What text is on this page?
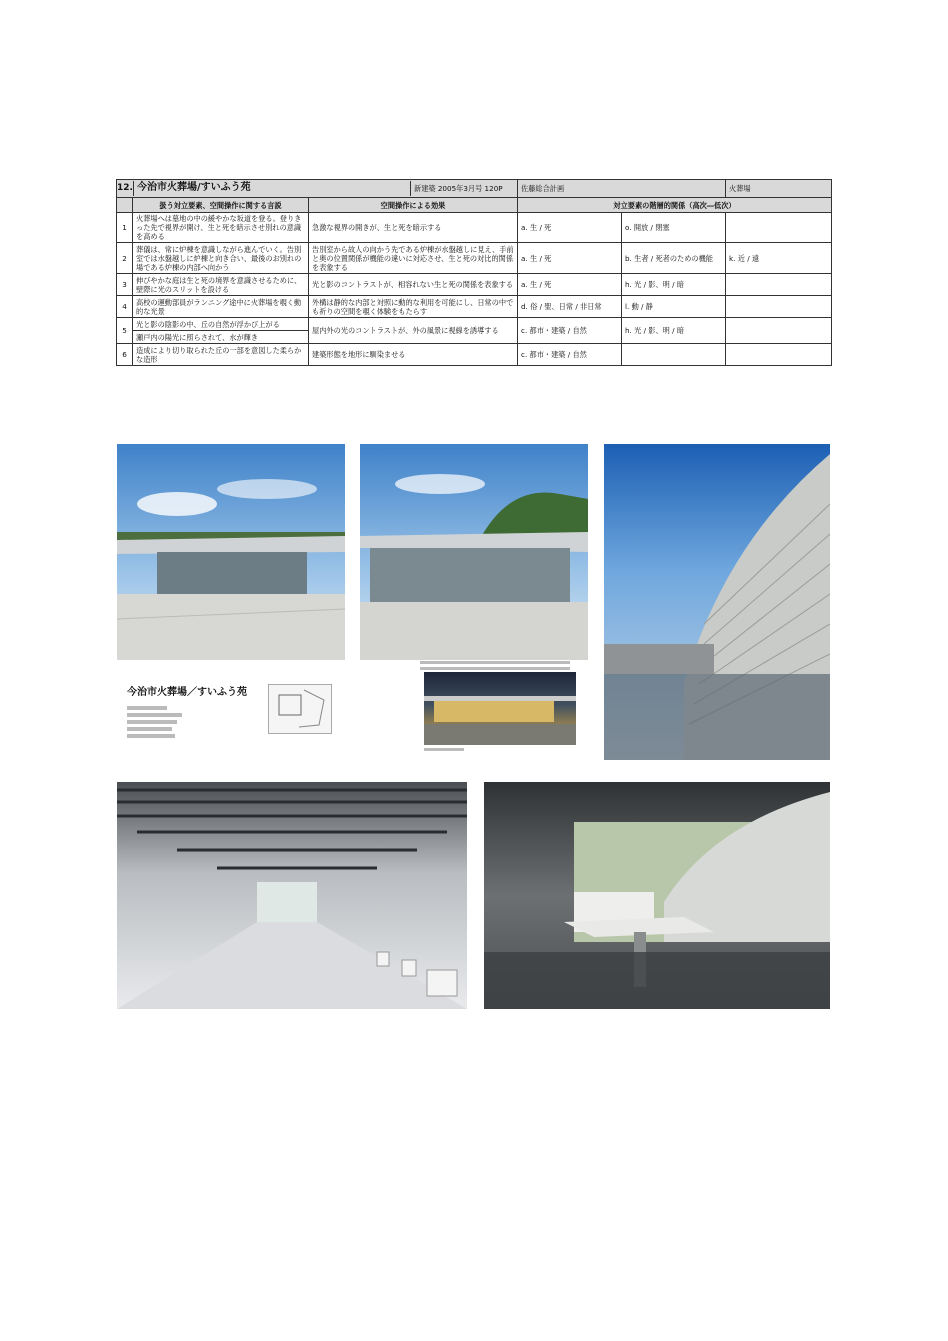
12. 今治市火葬場/すいふう苑 新建築 2005年3月号 120P			佐藤総合計画		火葬場
	扱う対立要素、空間操作に関する言説	空間操作による効果	対立要素の階層的関係（高次―低次）		
1	火葬場へは墓地の中の緩やかな坂道を登る。登りきった先で視界が開け、生と死を暗示させ別れの意識を高める	急激な視界の開きが、生と死を暗示する	a. 生 / 死	o. 開放 / 閉塞	
2	葬儀は、常に炉棟を意識しながら進んでいく。告別室では水盤越しに炉棟と向き合い、最後のお別れの場である炉棟の内部へ向かう	告別室から故人の向かう先である炉棟が水盤越しに見え、手前と奥の位置関係が機能の違いに対応させ、生と死の対比的関係を表象する	a. 生 / 死	b. 生者 / 死者のための機能	k. 近 / 遠
3	伸びやかな庭は生と死の境界を意識させるために、壁際に光のスリットを設ける	光と影のコントラストが、相容れない生と死の関係を表象する	a. 生 / 死	h. 光 / 影、明 / 暗	
4	高校の運動部員がランニング途中に火葬場を覗く動的な光景	外構は静的な内部と対照に動的な利用を可能にし、日常の中でも祈りの空間を覗く体験をもたらす	d. 俗 / 聖、日常 / 非日常	l. 動 / 静	
5	光と影の陰影の中、丘の自然が浮かび上がる	屋内外の光のコントラストが、外の風景に視線を誘導する	c. 都市・建築 / 自然	h. 光 / 影、明 / 暗	
	瀬戸内の陽光に照らされて、水が輝き				
6	造成により切り取られた丘の一部を意図した柔らかな造形	建築形態を地形に馴染ませる	c. 都市・建築 / 自然		
今治市火葬場／すいふう苑
